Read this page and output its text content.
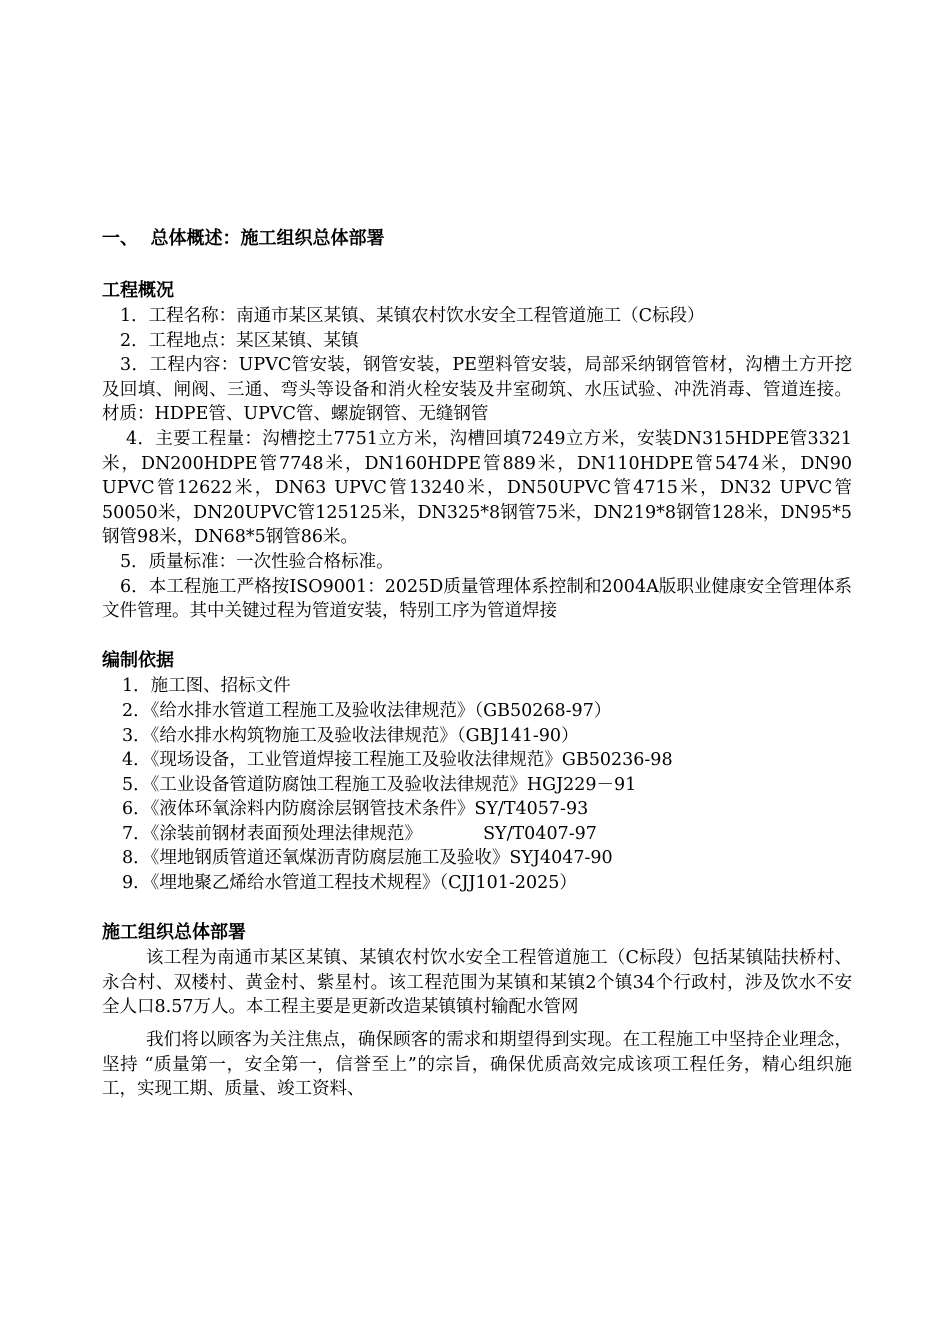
一、  总体概述：施工组织总体部署
工程概况

1．工程名称：南通市某区某镇、某镇农村饮水安全工程管道施工（C标段）

2．工程地点：某区某镇、某镇

3．工程内容：UPVC管安装，钢管安装，PE塑料管安装，局部采纳钢管管材，沟槽土方开挖及回填、闸阀、三通、弯头等设备和消火栓安装及井室砌筑、水压试验、冲洗消毒、管道连接。材质：HDPE管、UPVC管、螺旋钢管、无缝钢管

4．主要工程量：沟槽挖土7751立方米，沟槽回填7249立方米，安装DN315HDPE管3321米，DN200HDPE管7748米，DN160HDPE管889米，DN110HDPE管5474米，DN90 UPVC管12622米，DN63 UPVC管13240米，DN50UPVC管4715米，DN32 UPVC管50050米，DN20UPVC管125125米，DN325*8钢管75米，DN219*8钢管128米，DN95*5钢管98米，DN68*5钢管86米。

5．质量标准：一次性验合格标准。

6．本工程施工严格按ISO9001：2025D质量管理体系控制和2004A版职业健康安全管理体系文件管理。其中关键过程为管道安装，特别工序为管道焊接

编制依据

1．施工图、招标文件

2．《给水排水管道工程施工及验收法律规范》（GB50268-97）

3．《给水排水构筑物施工及验收法律规范》（GBJ141-90）

4．《现场设备，工业管道焊接工程施工及验收法律规范》GB50236-98

5．《工业设备管道防腐蚀工程施工及验收法律规范》HGJ229－91

6．《液体环氧涂料内防腐涂层钢管技术条件》SY/T4057-93

7．《涂装前钢材表面预处理法律规范》           SY/T0407-97

8．《埋地钢质管道还氧煤沥青防腐层施工及验收》SYJ4047-90

9．《埋地聚乙烯给水管道工程技术规程》（CJJ101-2025）

施工组织总体部署

该工程为南通市某区某镇、某镇农村饮水安全工程管道施工（C标段）包括某镇陆扶桥村、永合村、双楼村、黄金村、紫星村。该工程范围为某镇和某镇2个镇34个行政村，涉及饮水不安全人口8.57万人。本工程主要是更新改造某镇镇村输配水管网

我们将以顾客为关注焦点，确保顾客的需求和期望得到实现。在工程施工中坚持企业理念，坚持 “质量第一，安全第一，信誉至上”的宗旨，确保优质高效完成该项工程任务，精心组织施工，实现工期、质量、竣工资料、
